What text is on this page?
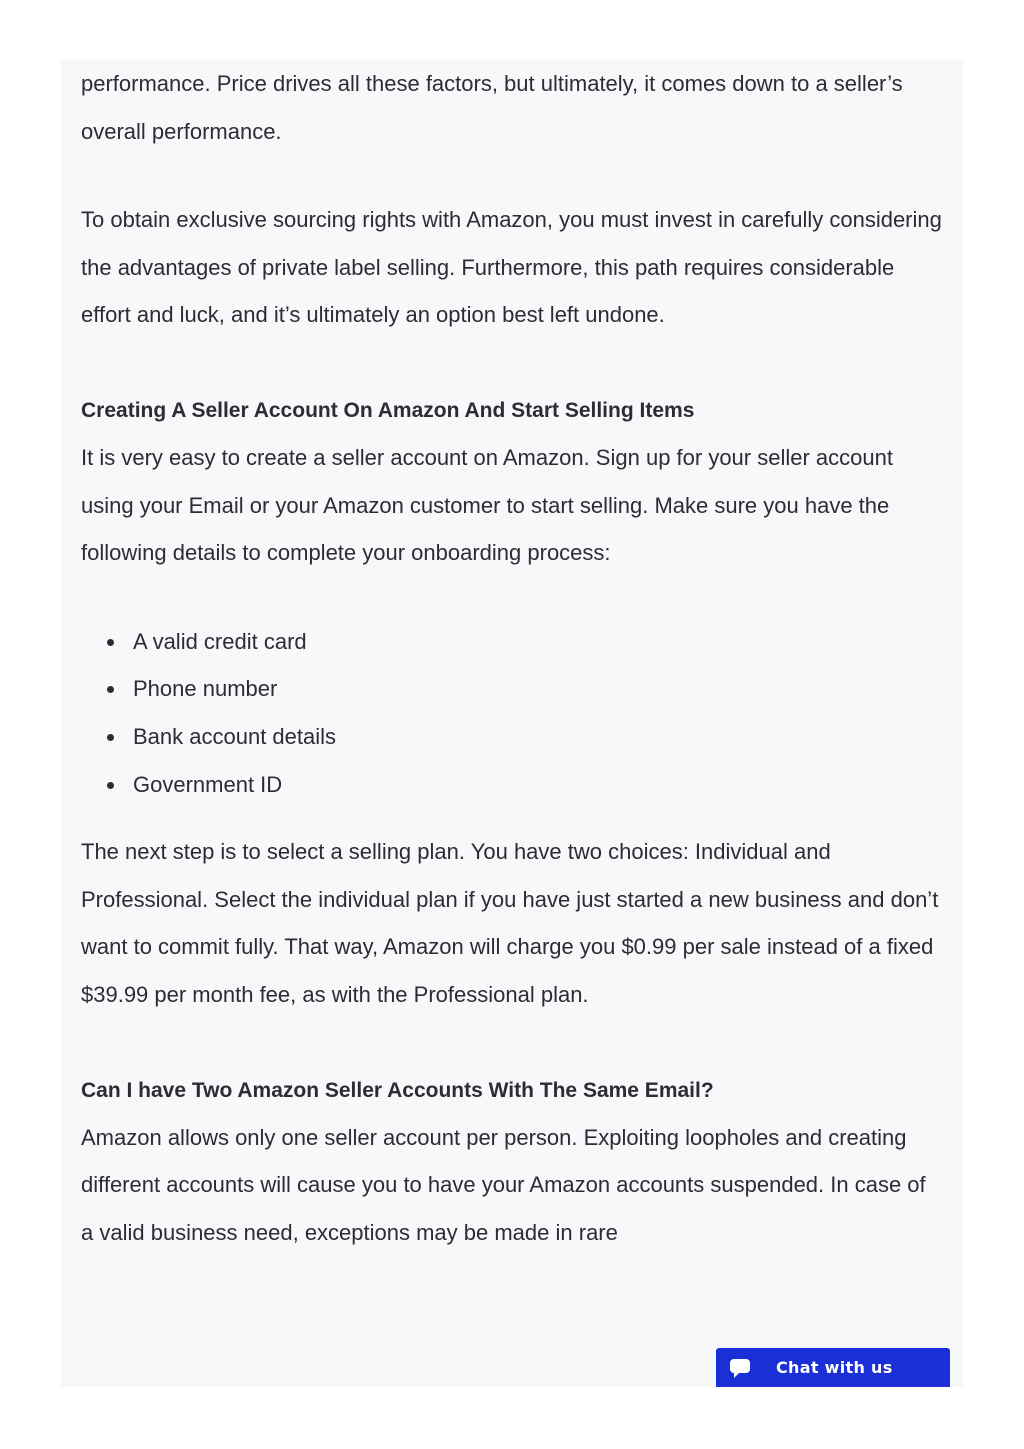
performance. Price drives all these factors, but ultimately, it comes down to a seller’s overall performance.

To obtain exclusive sourcing rights with Amazon, you must invest in carefully considering the advantages of private label selling. Furthermore, this path requires considerable effort and luck, and it’s ultimately an option best left undone.

Creating A Seller Account On Amazon And Start Selling Items

It is very easy to create a seller account on Amazon. Sign up for your seller account using your Email or your Amazon customer to start selling. Make sure you have the following details to complete your onboarding process:

A valid credit card
Phone number
Bank account details
Government ID

The next step is to select a selling plan. You have two choices: Individual and Professional. Select the individual plan if you have just started a new business and don’t want to commit fully. That way, Amazon will charge you $0.99 per sale instead of a fixed $39.99 per month fee, as with the Professional plan.

Can I have Two Amazon Seller Accounts With The Same Email?

Amazon allows only one seller account per person. Exploiting loopholes and creating different accounts will cause you to have your Amazon accounts suspended. In case of a valid business need, exceptions may be made in rare

Chat with us
